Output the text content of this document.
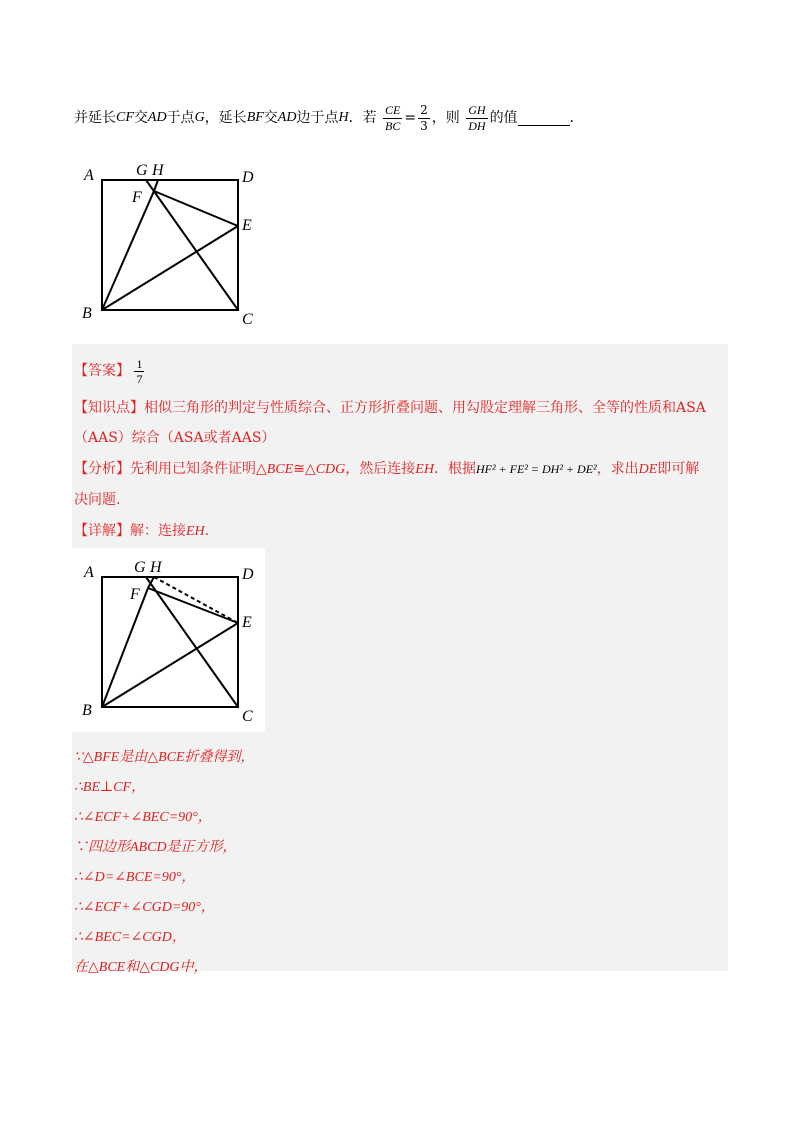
并延长CF交AD于点G，延长BF交AD边于点H．若 $\frac{CE}{BC} = \frac{2}{3}$ ，则 $\frac{GH}{DH}$ 的值	．
A	G H	D
F
E
B	C
【答案】 $\frac{1}{7}$
【知识点】相似三角形的判定与性质综合、正方形折叠问题、用勾股定理解三角形、全等的性质和ASA
（AAS）综合（ASA或者AAS）
【分析】先利用已知条件证明△BCE≅△CDG，然后连接EH．根据HF² + FE² = DH² + DE²，求出DE即可解
决问题.
【详解】解：连接EH.
A	G H	D
F
E
B	C
∵△BFE是由△BCE折叠得到，
∴BE⊥CF，
∴∠ECF+∠BEC=90°，
∵四边形ABCD是正方形，
∴∠D=∠BCE=90°，
∴∠ECF+∠CGD=90°，
∴∠BEC=∠CGD，
在△BCE和△CDG中，
